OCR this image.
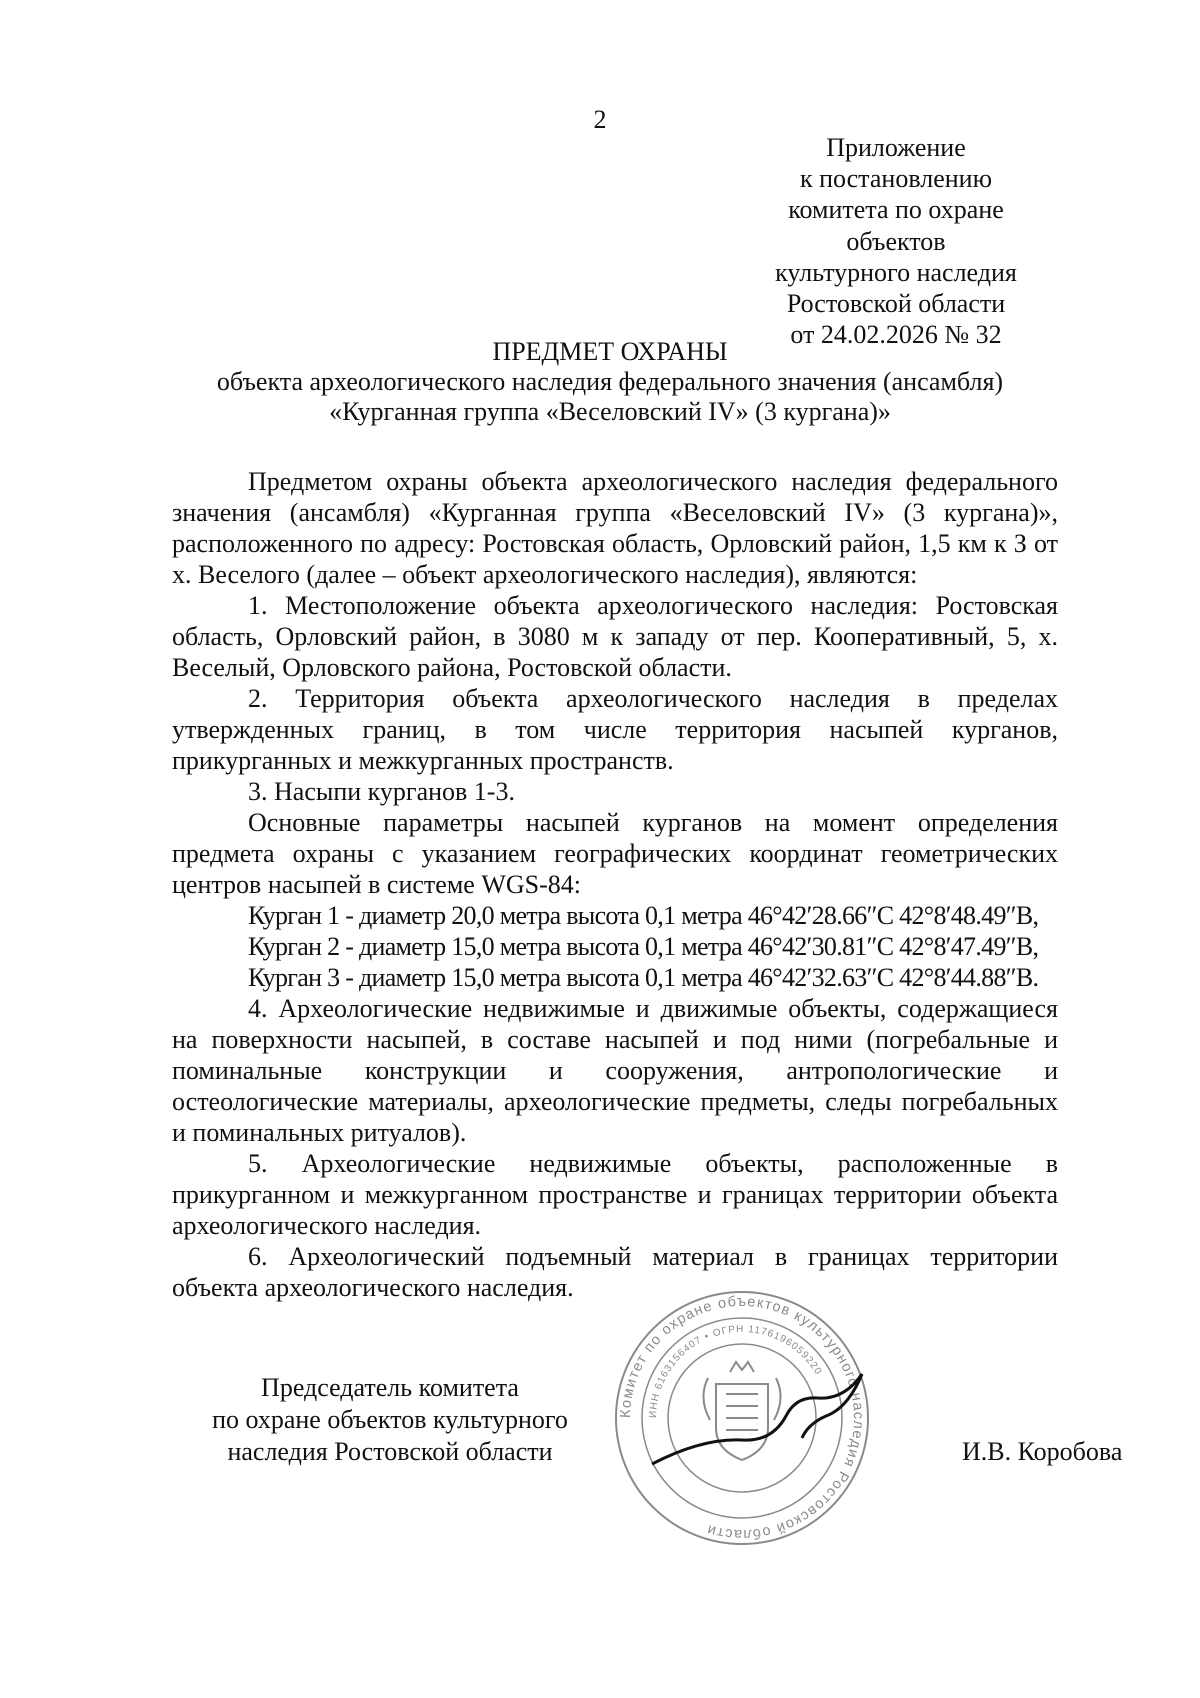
2
Приложение
к постановлению
комитета по охране объектов
культурного наследия
Ростовской области
от 24.02.2026 № 32
ПРЕДМЕТ ОХРАНЫ
объекта археологического наследия федерального значения (ансамбля)
«Курганная группа «Веселовский IV» (3 кургана)»

Предметом охраны объекта археологического наследия федерального значения (ансамбля) «Курганная группа «Веселовский IV» (3 кургана)», расположенного по адресу: Ростовская область, Орловский район, 1,5 км к З от х. Веселого (далее – объект археологического наследия), являются:

1. Местоположение объекта археологического наследия: Ростовская область, Орловский район, в 3080 м к западу от пер. Кооперативный, 5, х. Веселый, Орловского района, Ростовской области.

2. Территория объекта археологического наследия в пределах утвержденных границ, в том числе территория насыпей курганов, прикурганных и межкурганных пространств.

3. Насыпи курганов 1-3.

Основные параметры насыпей курганов на момент определения предмета охраны с указанием географических координат геометрических центров насыпей в системе WGS-84:

Курган 1 - диаметр 20,0 метра высота 0,1 метра 46°42′28.66″С 42°8′48.49″В,
Курган 2 - диаметр 15,0 метра высота 0,1 метра 46°42′30.81″С 42°8′47.49″В,
Курган 3 - диаметр 15,0 метра высота 0,1 метра 46°42′32.63″С 42°8′44.88″В.

4. Археологические недвижимые и движимые объекты, содержащиеся на поверхности насыпей, в составе насыпей и под ними (погребальные и поминальные конструкции и сооружения, антропологические и остеологические материалы, археологические предметы, следы погребальных и поминальных ритуалов).

5. Археологические недвижимые объекты, расположенные в прикурганном и межкурганном пространстве и границах территории объекта археологического наследия.

6. Археологический подъемный материал в границах территории объекта археологического наследия.

Председатель комитета
по охране объектов культурного
наследия Ростовской области
Комитет по охране объектов культурного наследия Ростовской области
ИНН 6163156407 • ОГРН 1176196059220
И.В. Коробова
